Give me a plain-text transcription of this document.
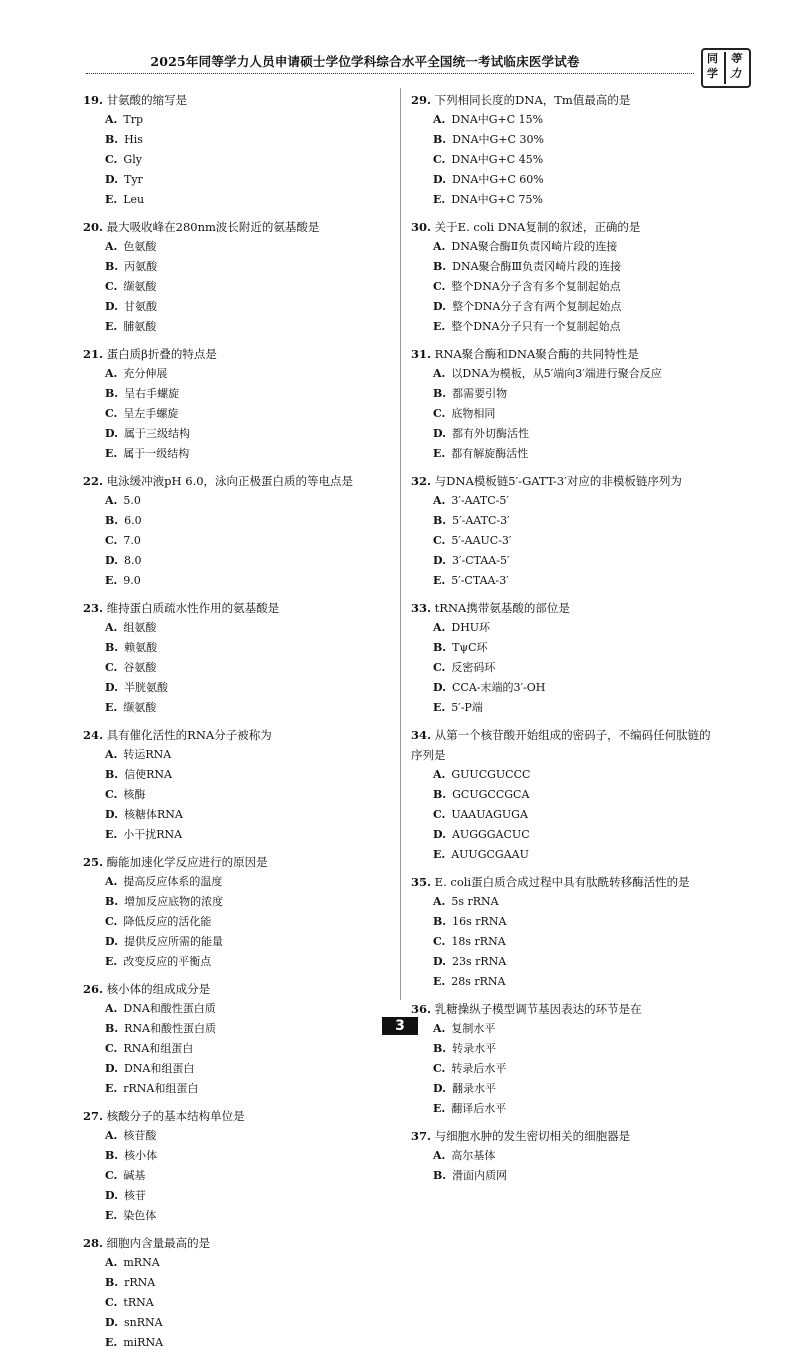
2025年同等学力人员申请硕士学位学科综合水平全国统一考试临床医学试卷	同
学
等
力
19. 甘氨酸的缩写是
A. Trp
B. His
C. Gly
D. Tyr
E. Leu
20. 最大吸收峰在280nm波长附近的氨基酸是
A. 色氨酸
B. 丙氨酸
C. 缬氨酸
D. 甘氨酸
E. 脯氨酸
21. 蛋白质β折叠的特点是
A. 充分伸展
B. 呈右手螺旋
C. 呈左手螺旋
D. 属于三级结构
E. 属于一级结构
22. 电泳缓冲液pH 6.0，泳向正极蛋白质的等电点是
A. 5.0
B. 6.0
C. 7.0
D. 8.0
E. 9.0
23. 维持蛋白质疏水性作用的氨基酸是
A. 组氨酸
B. 赖氨酸
C. 谷氨酸
D. 半胱氨酸
E. 缬氨酸
24. 具有催化活性的RNA分子被称为
A. 转运RNA
B. 信使RNA
C. 核酶
D. 核糖体RNA
E. 小干扰RNA
25. 酶能加速化学反应进行的原因是
A. 提高反应体系的温度
B. 增加反应底物的浓度
C. 降低反应的活化能
D. 提供反应所需的能量
E. 改变反应的平衡点
26. 核小体的组成成分是
A. DNA和酸性蛋白质
B. RNA和酸性蛋白质
C. RNA和组蛋白
D. DNA和组蛋白
E. rRNA和组蛋白
27. 核酸分子的基本结构单位是
A. 核苷酸
B. 核小体
C. 碱基
D. 核苷
E. 染色体
28. 细胞内含量最高的是
A. mRNA
B. rRNA
C. tRNA
D. snRNA
E. miRNA
29. 下列相同长度的DNA，Tm值最高的是
A. DNA中G+C 15%
B. DNA中G+C 30%
C. DNA中G+C 45%
D. DNA中G+C 60%
E. DNA中G+C 75%
30. 关于E. coli DNA复制的叙述，正确的是
A. DNA聚合酶Ⅱ负责冈崎片段的连接
B. DNA聚合酶Ⅲ负责冈崎片段的连接
C. 整个DNA分子含有多个复制起始点
D. 整个DNA分子含有两个复制起始点
E. 整个DNA分子只有一个复制起始点
31. RNA聚合酶和DNA聚合酶的共同特性是
A. 以DNA为模板，从5′端向3′端进行聚合反应
B. 都需要引物
C. 底物相同
D. 都有外切酶活性
E. 都有解旋酶活性
32. 与DNA模板链5′-GATT-3′对应的非模板链序列为
A. 3′-AATC-5′
B. 5′-AATC-3′
C. 5′-AAUC-3′
D. 3′-CTAA-5′
E. 5′-CTAA-3′
33. tRNA携带氨基酸的部位是
A. DHU环
B. TψC环
C. 反密码环
D. CCA-末端的3′-OH
E. 5′-P端
34. 从第一个核苷酸开始组成的密码子，不编码任何肽链的序列是
A. GUUCGUCCC
B. GCUGCCGCA
C. UAAUAGUGA
D. AUGGGACUC
E. AUUGCGAAU
35. E. coli蛋白质合成过程中具有肽酰转移酶活性的是
A. 5s rRNA
B. 16s rRNA
C. 18s rRNA
D. 23s rRNA
E. 28s rRNA
36. 乳糖操纵子模型调节基因表达的环节是在
A. 复制水平
B. 转录水平
C. 转录后水平
D. 翻录水平
E. 翻译后水平
37. 与细胞水肿的发生密切相关的细胞器是
A. 高尔基体
B. 滑面内质网
3
